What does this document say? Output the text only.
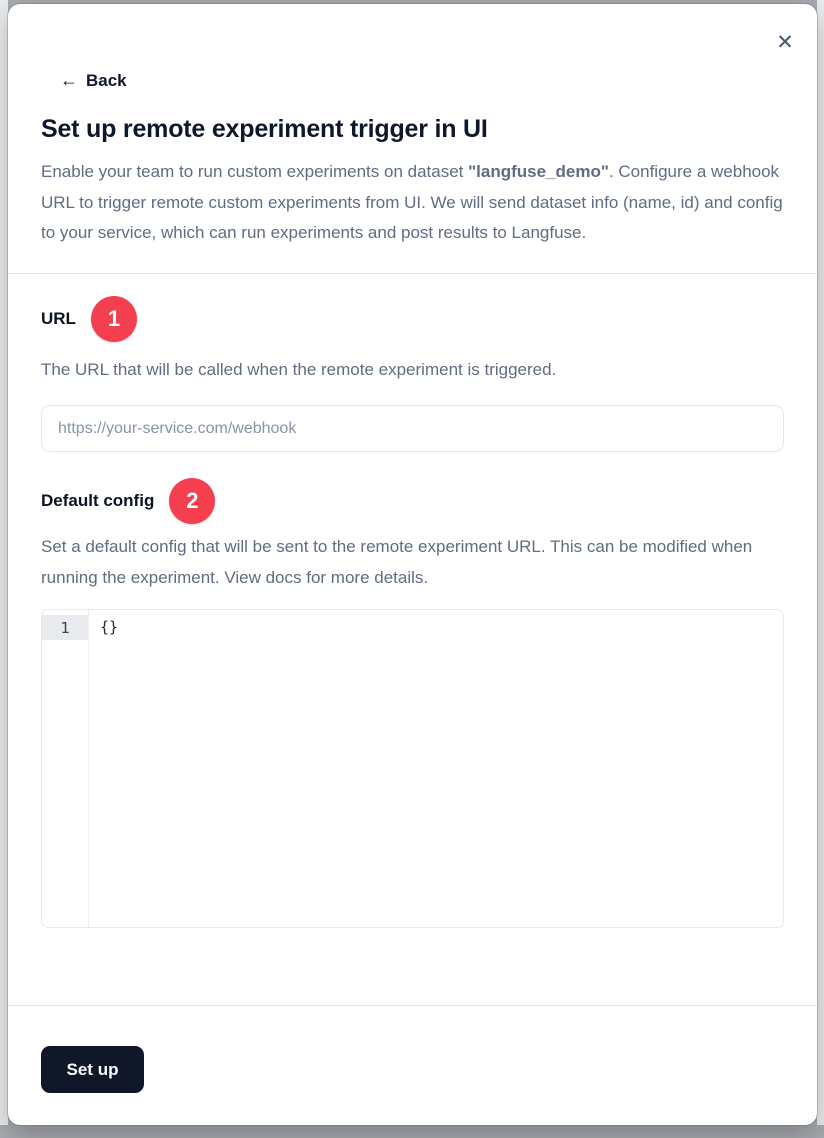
✕
← Back
Set up remote experiment trigger in UI

Enable your team to run custom experiments on dataset "langfuse_demo". Configure a webhook URL to trigger remote custom experiments from UI. We will send dataset info (name, id) and config to your service, which can run experiments and post results to Langfuse.

URL	1

The URL that will be called when the remote experiment is triggered.

https://your-service.com/webhook
Default config	2

Set a default config that will be sent to the remote experiment URL. This can be modified when running the experiment. View docs for more details.

1	{}
Set up
